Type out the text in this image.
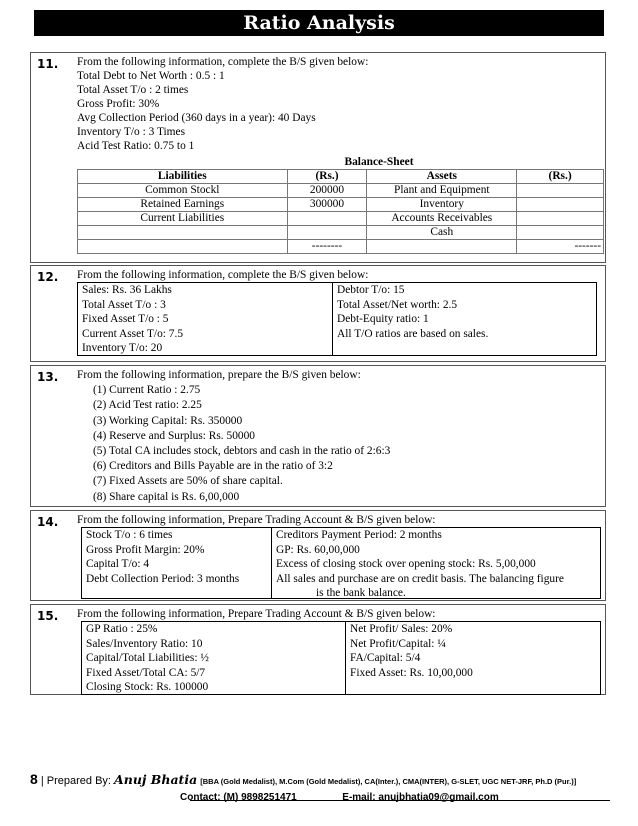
Ratio Analysis
11. From the following information, complete the B/S given below:
Total Debt to Net Worth : 0.5 : 1
Total Asset T/o : 2 times
Gross Profit: 30%
Avg Collection Period (360 days in a year): 40 Days
Inventory T/o : 3 Times
Acid Test Ratio: 0.75 to 1
Balance-Sheet
Liabilities	(Rs.)	Assets	(Rs.)
Common Stockl	200000	Plant and Equipment	
Retained Earnings	300000	Inventory	
Current Liabilities		Accounts Receivables	
		Cash	
	--------		-------
12. From the following information, complete the B/S given below:
Sales: Rs. 36 Lakhs
Total Asset T/o : 3
Fixed Asset T/o : 5
Current Asset T/o: 7.5
Inventory T/o: 20
Debtor T/o: 15
Total Asset/Net worth: 2.5
Debt-Equity ratio: 1
All T/O ratios are based on sales.
13. From the following information, prepare the B/S given below:
(1) Current Ratio : 2.75
(2) Acid Test ratio: 2.25
(3) Working Capital: Rs. 350000
(4) Reserve and Surplus: Rs. 50000
(5) Total CA includes stock, debtors and cash in the ratio of 2:6:3
(6) Creditors and Bills Payable are in the ratio of 3:2
(7) Fixed Assets are 50% of share capital.
(8) Share capital is Rs. 6,00,000
14. From the following information, Prepare Trading Account & B/S given below:
Stock T/o : 6 times
Gross Profit Margin: 20%
Capital T/o: 4
Debt Collection Period: 3 months
Creditors Payment Period: 2 months
GP: Rs. 60,00,000
Excess of closing stock over opening stock: Rs. 5,00,000
All sales and purchase are on credit basis. The balancing figure
is the bank balance.
15. From the following information, Prepare Trading Account & B/S given below:
GP Ratio : 25%
Sales/Inventory Ratio: 10
Capital/Total Liabilities: ½
Fixed Asset/Total CA: 5/7
Closing Stock: Rs. 100000
Net Profit/ Sales: 20%
Net Profit/Capital: ¼
FA/Capital: 5/4
Fixed Asset: Rs. 10,00,000
8 | Prepared By: Anuj Bhatia [BBA (Gold Medalist), M.Com (Gold Medalist), CA(Inter.), CMA(INTER), G-SLET, UGC NET-JRF, Ph.D (Pur.)]
Contact: (M) 9898251471	E-mail: anujbhatia09@gmail.com
